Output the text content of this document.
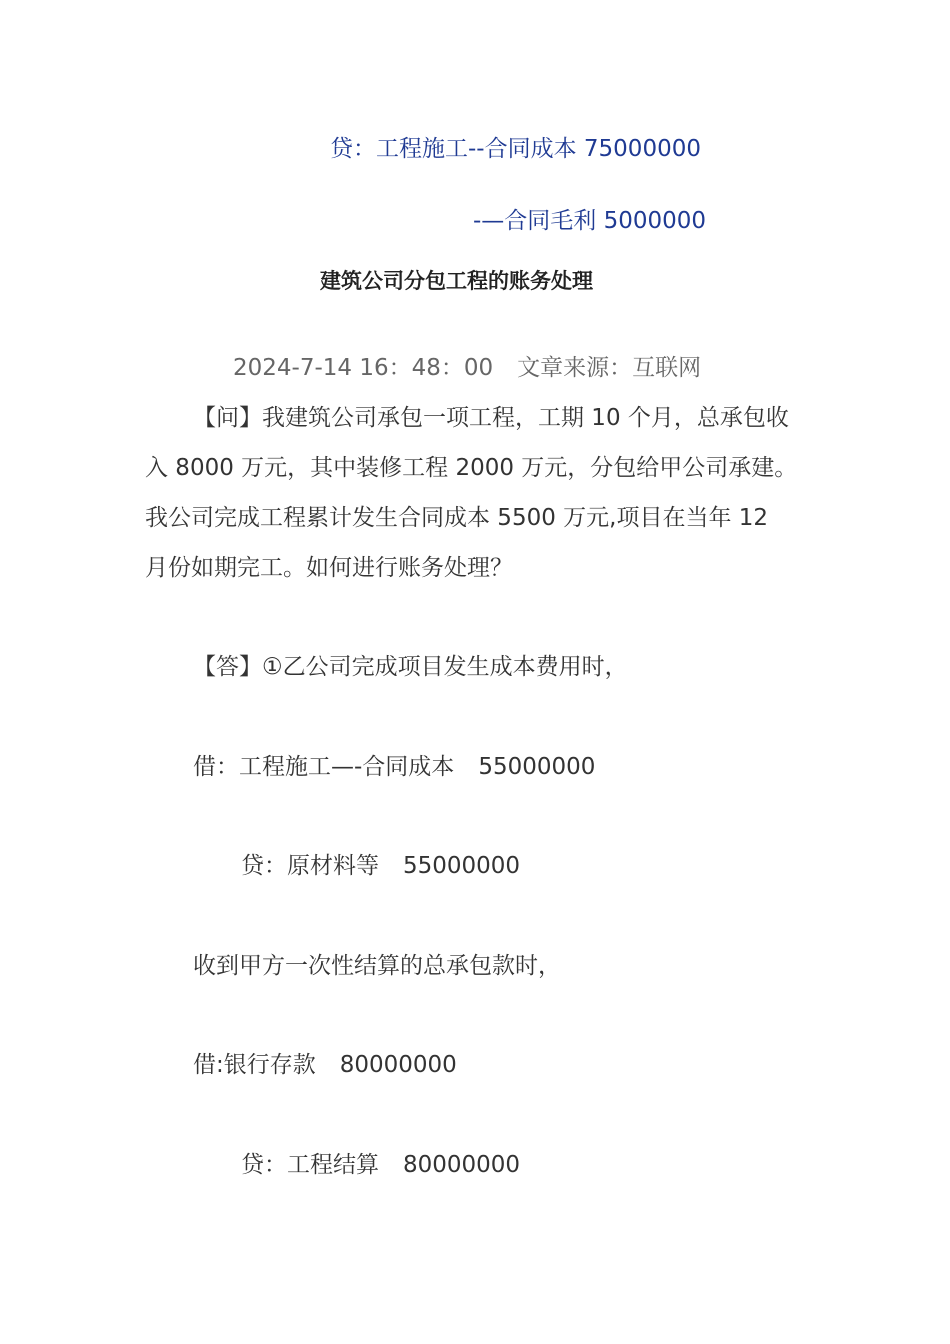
贷：工程施工--合同成本 75000000
-—合同毛利 5000000
建筑公司分包工程的账务处理
2024-7-14 16：48：00 文章来源：互联网
【问】我建筑公司承包一项工程，工期 10 个月，总承包收
入 8000 万元，其中装修工程 2000 万元，分包给甲公司承建。
我公司完成工程累计发生合同成本 5500 万元,项目在当年 12
月份如期完工。如何进行账务处理？
【答】①乙公司完成项目发生成本费用时，
借：工程施工—-合同成本 55000000
贷：原材料等 55000000
收到甲方一次性结算的总承包款时，
借:银行存款 80000000
贷：工程结算 80000000
